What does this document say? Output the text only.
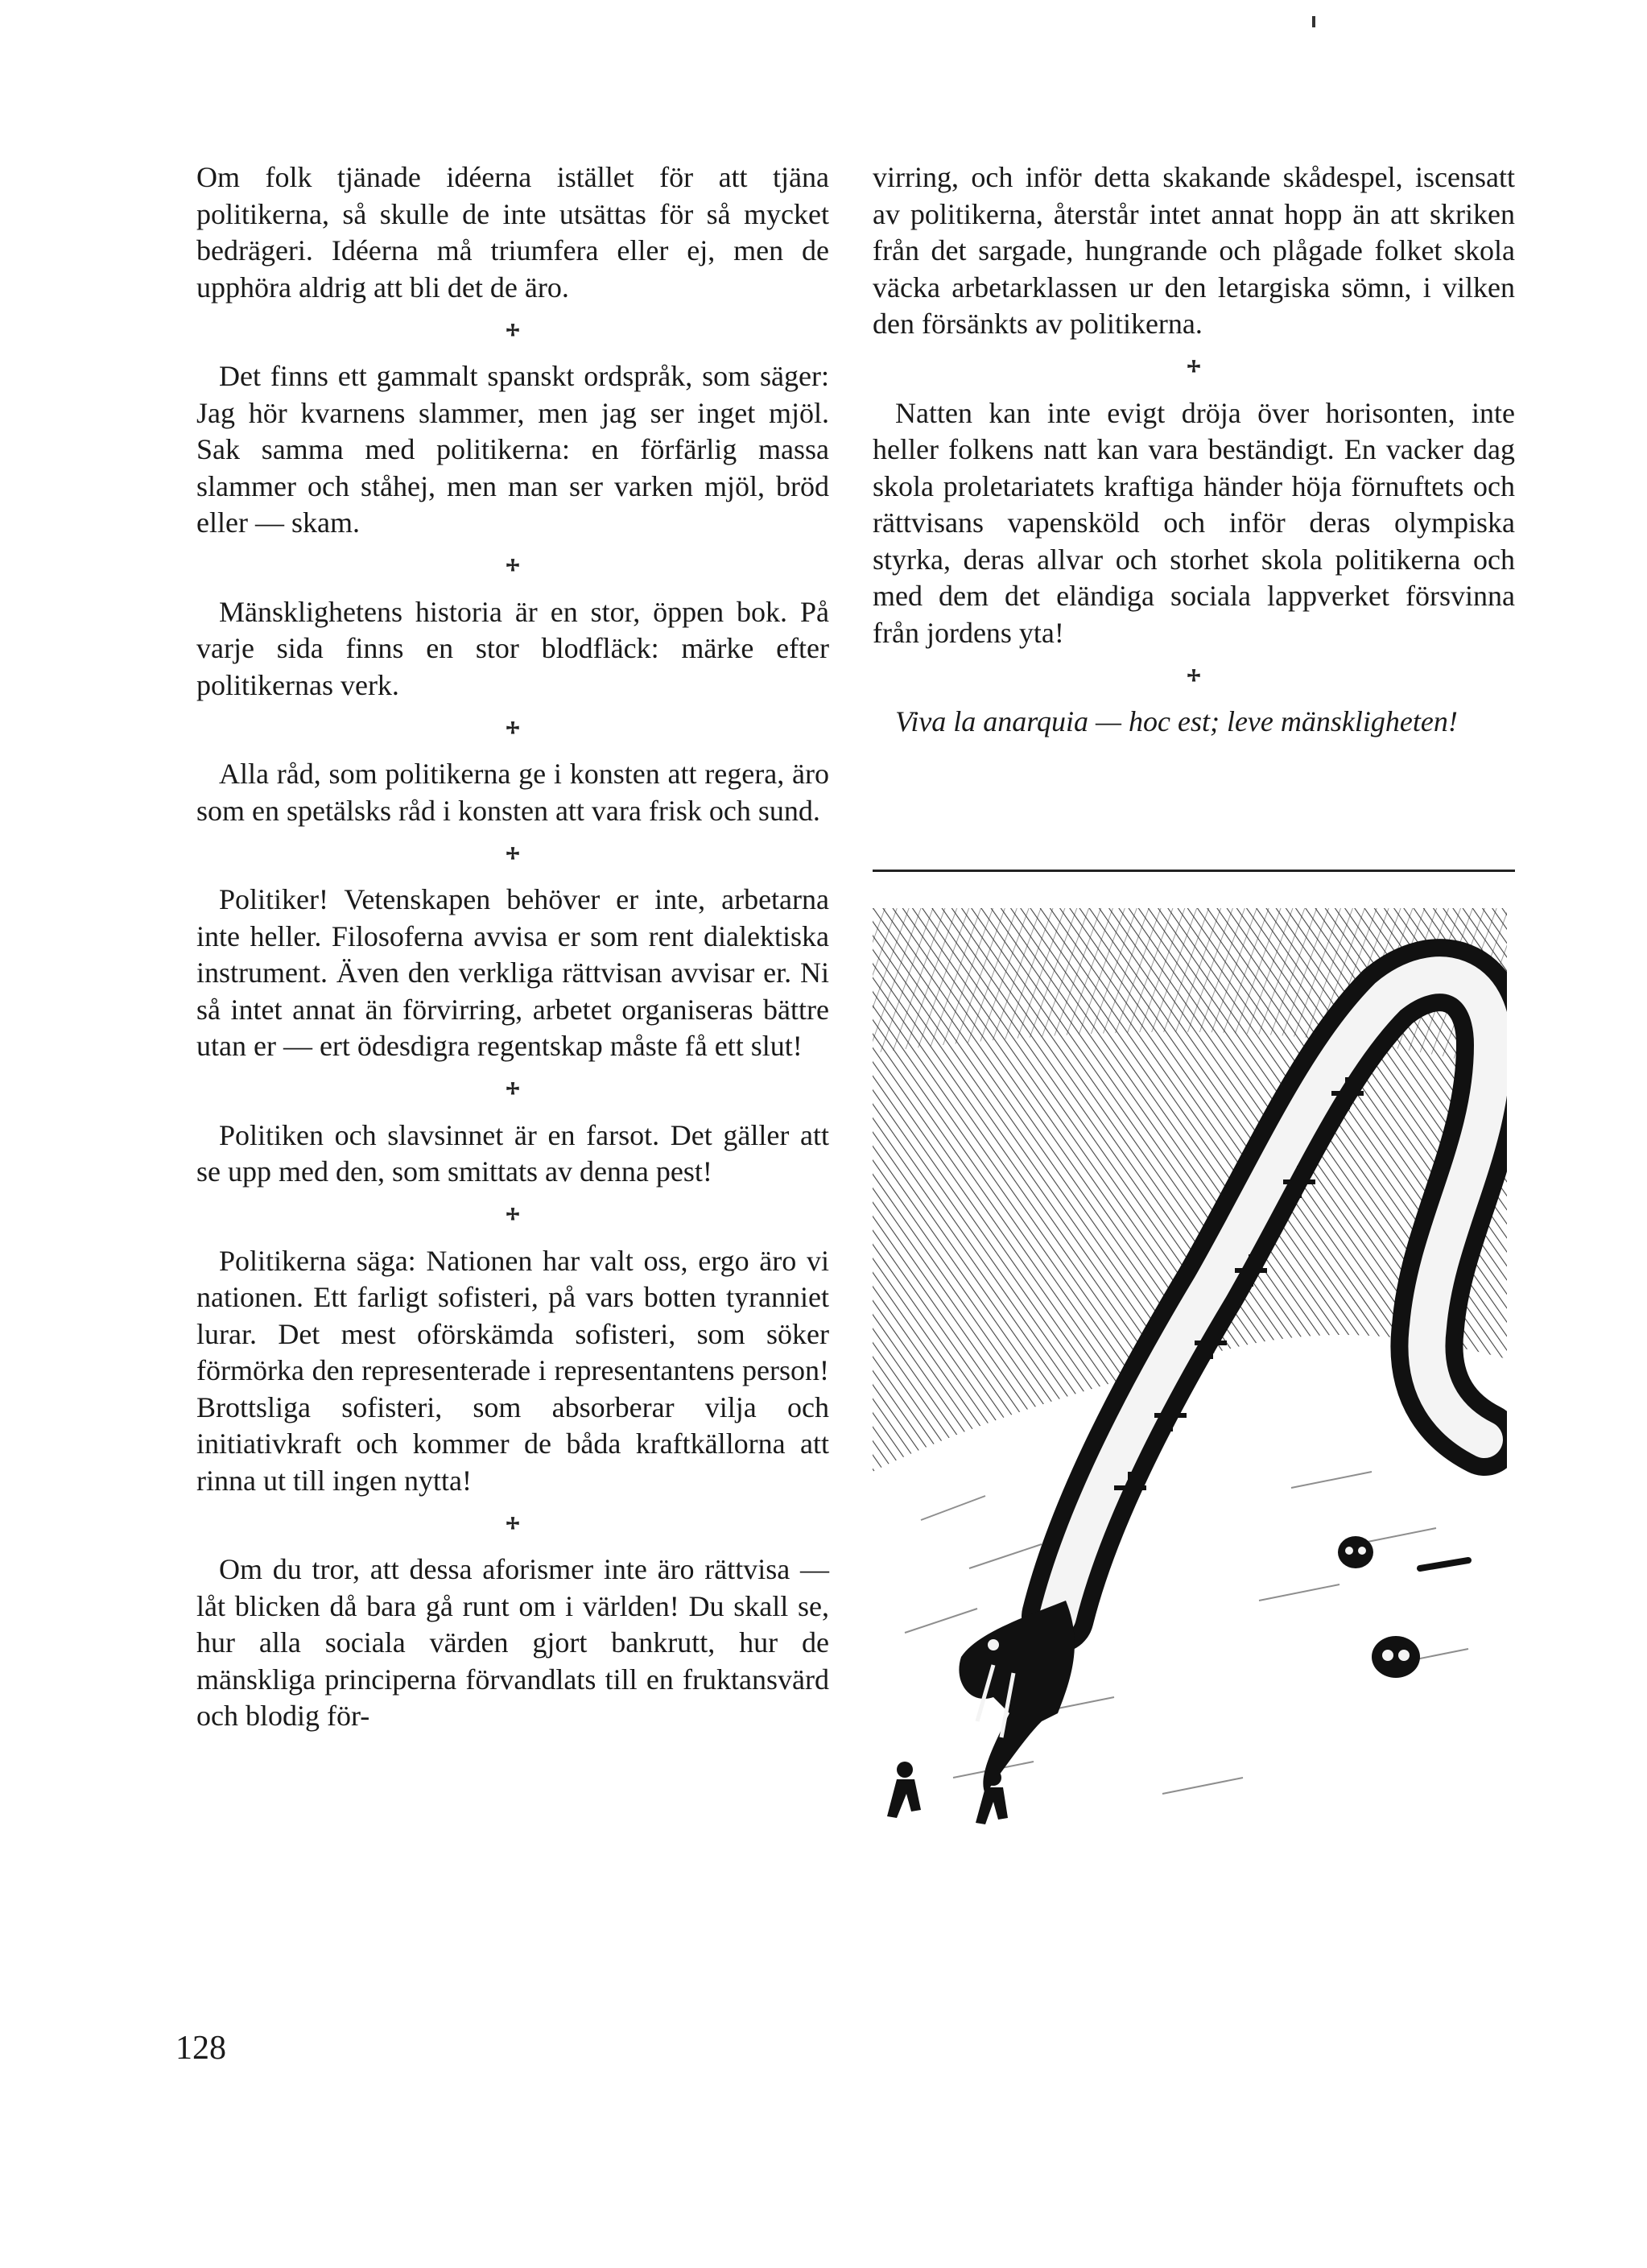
Om folk tjänade idéerna istället för att tjäna politikerna, så skulle de inte utsättas för så mycket bedrägeri. Idéerna må triumfera eller ej, men de upphöra aldrig att bli det de äro.

Det finns ett gammalt spanskt ordspråk, som säger: Jag hör kvarnens slammer, men jag ser inget mjöl. Sak samma med politikerna: en förfärlig massa slammer och ståhej, men man ser varken mjöl, bröd eller — skam.

Mänsklighetens historia är en stor, öppen bok. På varje sida finns en stor blodfläck: märke efter politikernas verk.

Alla råd, som politikerna ge i konsten att regera, äro som en spetälsks råd i konsten att vara frisk och sund.

Politiker! Vetenskapen behöver er inte, arbetarna inte heller. Filosoferna avvisa er som rent dialektiska instrument. Även den verkliga rättvisan avvisar er. Ni så intet annat än förvirring, arbetet organiseras bättre utan er — ert ödesdigra regentskap måste få ett slut!

Politiken och slavsinnet är en farsot. Det gäller att se upp med den, som smittats av denna pest!

Politikerna säga: Nationen har valt oss, ergo äro vi nationen. Ett farligt sofisteri, på vars botten tyranniet lurar. Det mest oförskämda sofisteri, som söker förmörka den representerade i representantens person! Brottsliga sofisteri, som absorberar vilja och initiativkraft och kommer de båda kraftkällorna att rinna ut till ingen nytta!

Om du tror, att dessa aforismer inte äro rättvisa — låt blicken då bara gå runt om i världen! Du skall se, hur alla sociala värden gjort bankrutt, hur de mänskliga principerna förvandlats till en fruktansvärd och blodig för-

virring, och inför detta skakande skådespel, iscensatt av politikerna, återstår intet annat hopp än att skriken från det sargade, hungrande och plågade folket skola väcka arbetarklassen ur den letargiska sömn, i vilken den försänkts av politikerna.

Natten kan inte evigt dröja över horisonten, inte heller folkens natt kan vara beständigt. En vacker dag skola proletariatets kraftiga händer höja förnuftets och rättvisans vapensköld och inför deras olympiska styrka, deras allvar och storhet skola politikerna och med dem det eländiga sociala lappverket försvinna från jordens yta!

Viva la anarquia — hoc est; leve mänskligheten!

128
